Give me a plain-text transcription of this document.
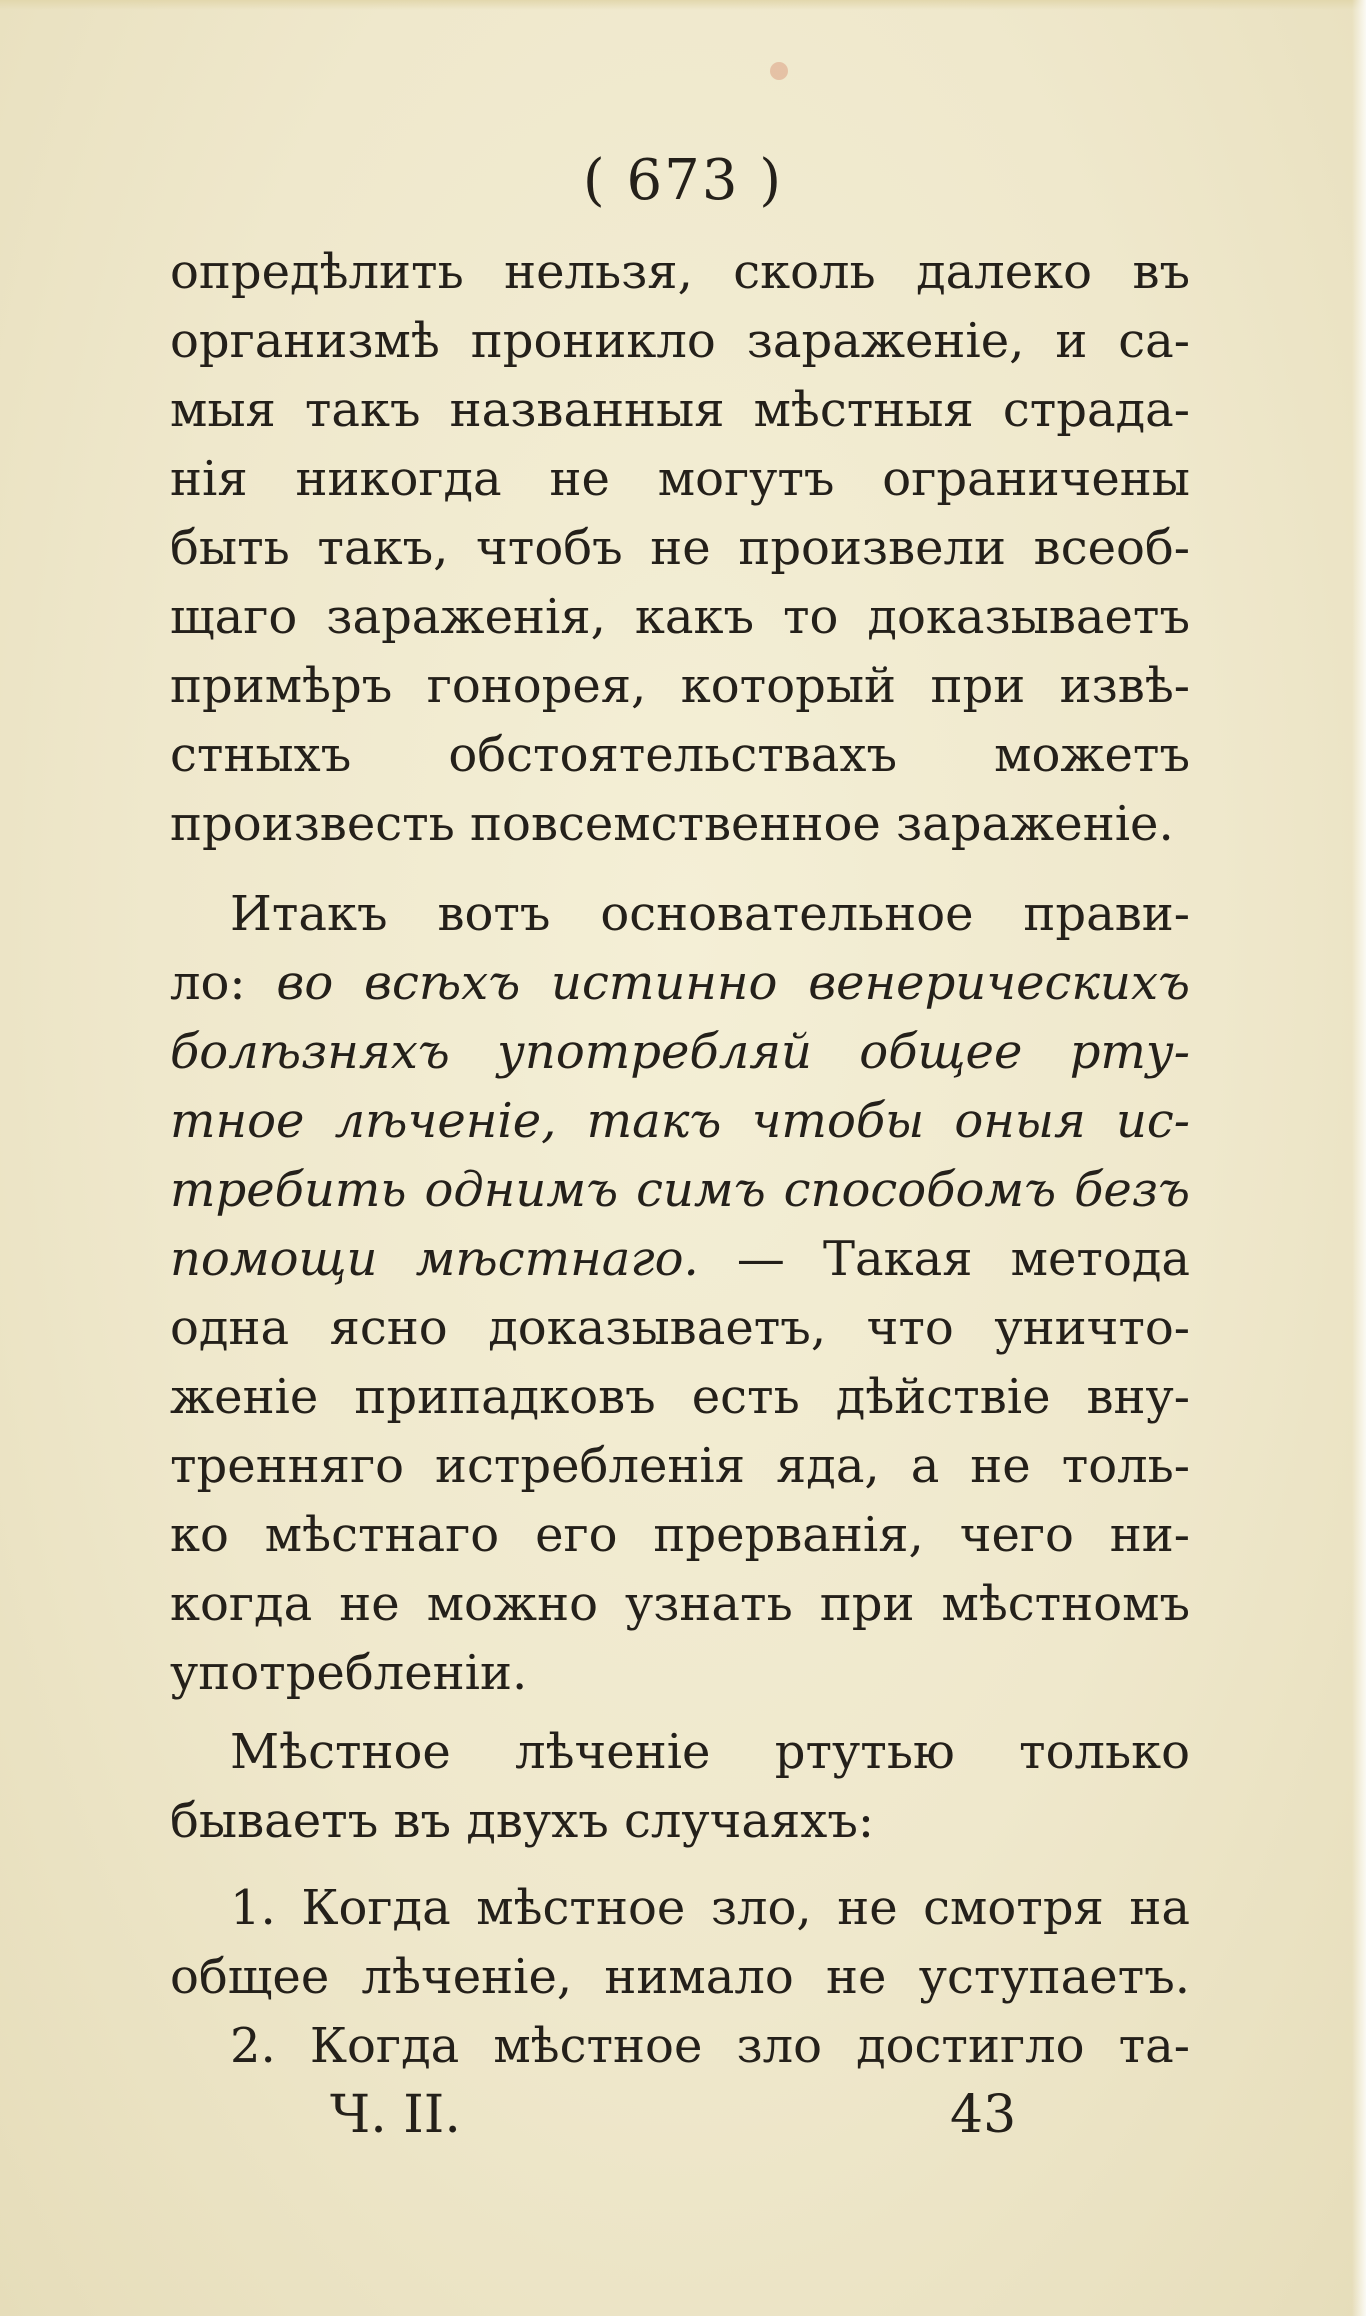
( 673 )
опредѣлить нельзя, сколь далеко въ
организмѣ проникло зараженіе, и са-
мыя такъ названныя мѣстныя страда-
нія никогда не могутъ ограничены
быть такъ, чтобъ не произвели всеоб-
щаго зараженія, какъ то доказываетъ
примѣръ гонорея, который при извѣ-
стныхъ обстоятельствахъ можетъ
произвесть повсемственное зараженіе.
Итакъ вотъ основательное прави-
ло: во всѣхъ истинно венерическихъ
болѣзняхъ употребляй общее рту-
тное лѣченіе, такъ чтобы оныя ис-
требить однимъ симъ способомъ безъ
помощи мѣстнаго. — Такая метода
одна ясно доказываетъ, что уничто-
женіе припадковъ есть дѣйствіе вну-
треннягo истребленія яда, а не толь-
ко мѣстнаго его прерванія, чего ни-
когда не можно узнать при мѣстномъ
употребленіи.
Мѣстное лѣченіе ртутью только
бываетъ въ двухъ случаяхъ:
1. Когда мѣстное зло, не смотря на
общее лѣченіе, нимало не уступаетъ.
2. Когда мѣстное зло достигло та-
Ч. II.	43
